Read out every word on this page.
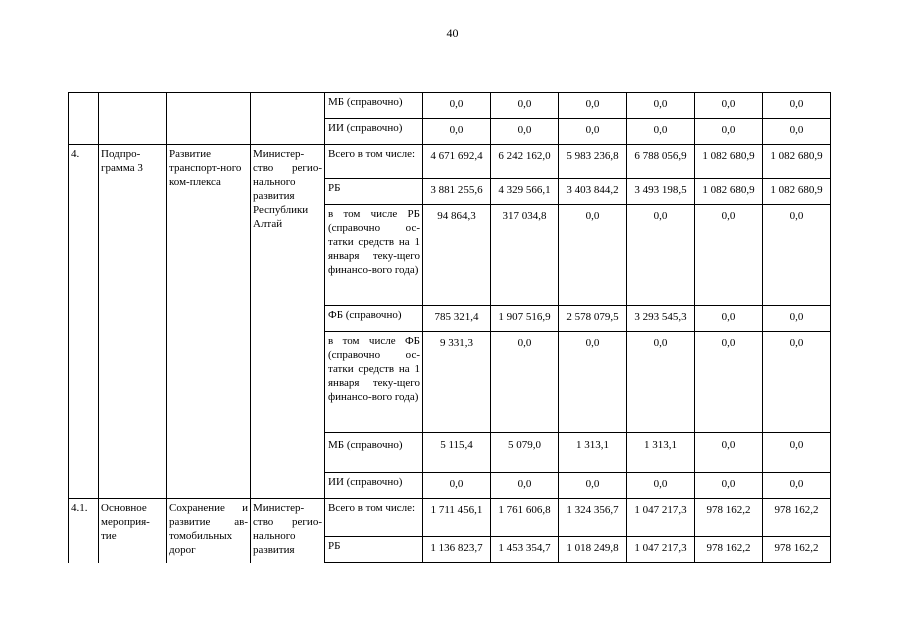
40
				МБ (справочно)	0,0	0,0	0,0	0,0	0,0	0,0
				ИИ (справочно)	0,0	0,0	0,0	0,0	0,0	0,0
4.	Подпро-грамма 3	Развитие транспорт-ного ком-плекса	Министер-ство регио-нального развития Республики Алтай	Всего в том числе:	4 671 692,4	6 242 162,0	5 983 236,8	6 788 056,9	1 082 680,9	1 082 680,9
				РБ	3 881 255,6	4 329 566,1	3 403 844,2	3 493 198,5	1 082 680,9	1 082 680,9
				в том числе РБ (справочно ос-татки средств на 1 января теку-щего финансо-вого года)	94 864,3	317 034,8	0,0	0,0	0,0	0,0
				ФБ (справочно)	785 321,4	1 907 516,9	2 578 079,5	3 293 545,3	0,0	0,0
				в том числе ФБ (справочно ос-татки средств на 1 января теку-щего финансо-вого года)	9 331,3	0,0	0,0	0,0	0,0	0,0
				МБ (справочно)	5 115,4	5 079,0	1 313,1	1 313,1	0,0	0,0
				ИИ (справочно)	0,0	0,0	0,0	0,0	0,0	0,0
4.1.	Основное мероприя-тие	Сохранение и развитие ав-томобильных дорог	Министер-ство регио-нального развития	Всего в том числе:	1 711 456,1	1 761 606,8	1 324 356,7	1 047 217,3	978 162,2	978 162,2
				РБ	1 136 823,7	1 453 354,7	1 018 249,8	1 047 217,3	978 162,2	978 162,2
